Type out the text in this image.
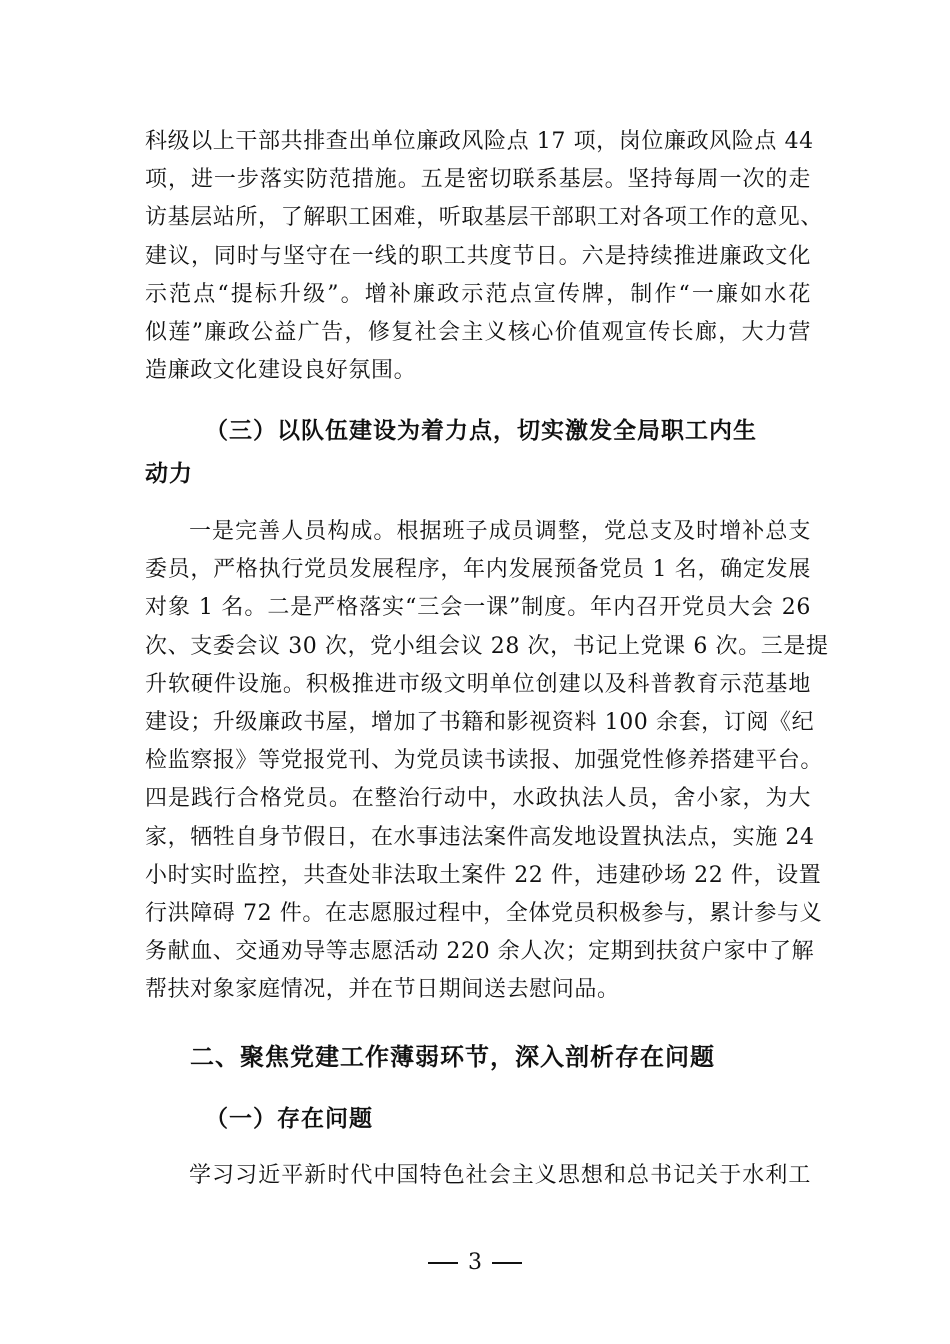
科级以上干部共排查出单位廉政风险点 17 项，岗位廉政风险点 44
项，进一步落实防范措施。五是密切联系基层。坚持每周一次的走
访基层站所，了解职工困难，听取基层干部职工对各项工作的意见、
建议，同时与坚守在一线的职工共度节日。六是持续推进廉政文化
示范点“提标升级”。增补廉政示范点宣传牌，制作“一廉如水花
似莲”廉政公益广告，修复社会主义核心价值观宣传长廊，大力营
造廉政文化建设良好氛围。
（三）以队伍建设为着力点，切实激发全局职工内生
动力
一是完善人员构成。根据班子成员调整，党总支及时增补总支
委员，严格执行党员发展程序，年内发展预备党员 1 名，确定发展
对象 1 名。二是严格落实“三会一课”制度。年内召开党员大会 26
次、支委会议 30 次，党小组会议 28 次，书记上党课 6 次。三是提
升软硬件设施。积极推进市级文明单位创建以及科普教育示范基地
建设；升级廉政书屋，增加了书籍和影视资料 100 余套，订阅《纪
检监察报》等党报党刊、为党员读书读报、加强党性修养搭建平台。
四是践行合格党员。在整治行动中，水政执法人员，舍小家，为大
家，牺牲自身节假日，在水事违法案件高发地设置执法点，实施 24
小时实时监控，共查处非法取土案件 22 件，违建砂场 22 件，设置
行洪障碍 72 件。在志愿服过程中，全体党员积极参与，累计参与义
务献血、交通劝导等志愿活动 220 余人次；定期到扶贫户家中了解
帮扶对象家庭情况，并在节日期间送去慰问品。
二、聚焦党建工作薄弱环节，深入剖析存在问题
（一）存在问题
学习习近平新时代中国特色社会主义思想和总书记关于水利工
3
